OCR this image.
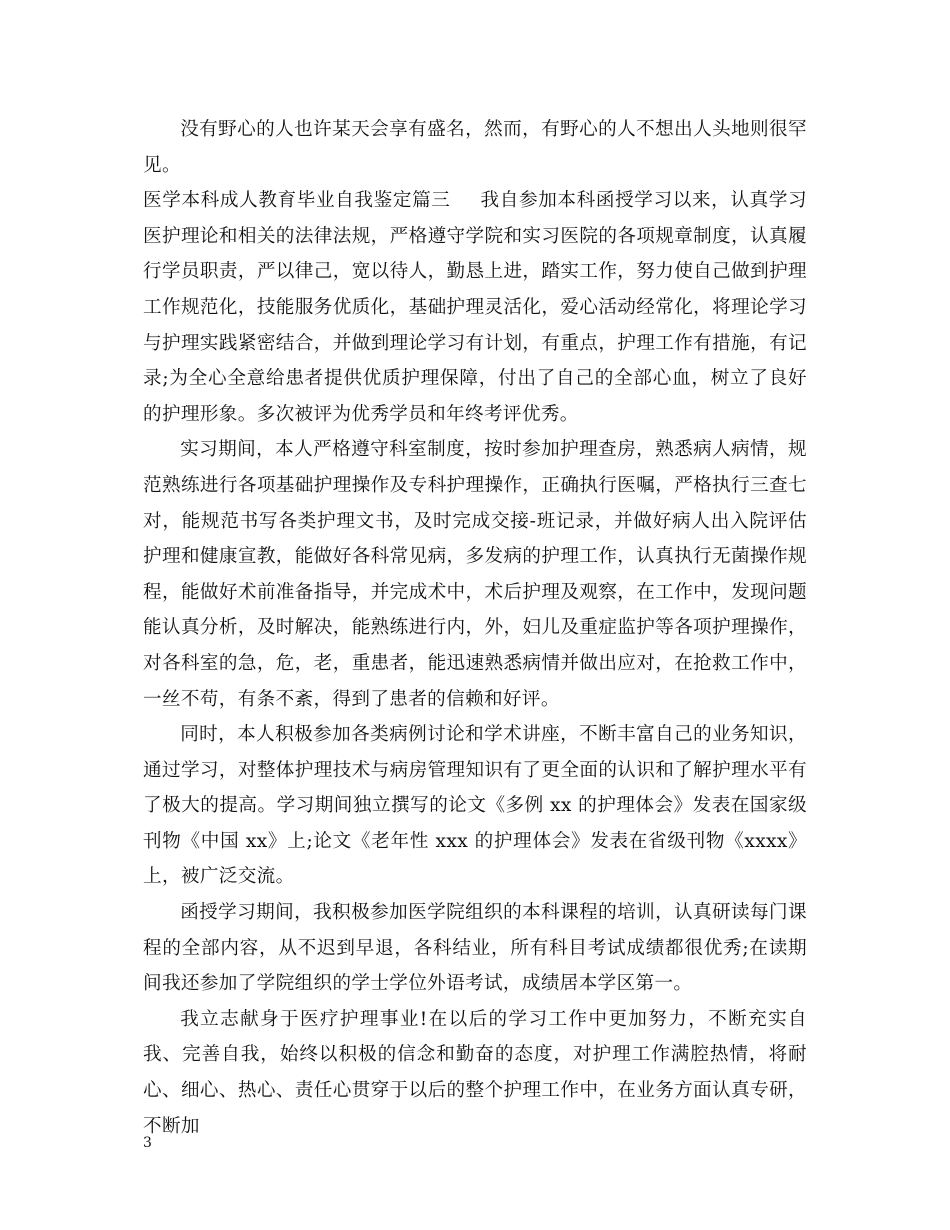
没有野心的人也许某天会享有盛名，然而，有野心的人不想出人头地则很罕见。

医学本科成人教育毕业自我鉴定篇三 我自参加本科函授学习以来，认真学习医护理论和相关的法律法规，严格遵守学院和实习医院的各项规章制度，认真履行学员职责，严以律己，宽以待人，勤恳上进，踏实工作，努力使自己做到护理工作规范化，技能服务优质化，基础护理灵活化，爱心活动经常化，将理论学习与护理实践紧密结合，并做到理论学习有计划，有重点，护理工作有措施，有记录;为全心全意给患者提供优质护理保障，付出了自己的全部心血，树立了良好的护理形象。多次被评为优秀学员和年终考评优秀。

实习期间，本人严格遵守科室制度，按时参加护理查房，熟悉病人病情，规范熟练进行各项基础护理操作及专科护理操作，正确执行医嘱，严格执行三查七对，能规范书写各类护理文书，及时完成交接-班记录，并做好病人出入院评估护理和健康宣教，能做好各科常见病，多发病的护理工作，认真执行无菌操作规程，能做好术前准备指导，并完成术中，术后护理及观察，在工作中，发现问题能认真分析，及时解决，能熟练进行内，外，妇儿及重症监护等各项护理操作，对各科室的急，危，老，重患者，能迅速熟悉病情并做出应对，在抢救工作中，一丝不苟，有条不紊，得到了患者的信赖和好评。

同时，本人积极参加各类病例讨论和学术讲座，不断丰富自己的业务知识，通过学习，对整体护理技术与病房管理知识有了更全面的认识和了解护理水平有了极大的提高。学习期间独立撰写的论文《多例 xx 的护理体会》发表在国家级刊物《中国 xx》上;论文《老年性 xxx 的护理体会》发表在省级刊物《xxxx》上，被广泛交流。

函授学习期间，我积极参加医学院组织的本科课程的培训，认真研读每门课程的全部内容，从不迟到早退，各科结业，所有科目考试成绩都很优秀;在读期间我还参加了学院组织的学士学位外语考试，成绩居本学区第一。

我立志献身于医疗护理事业!在以后的学习工作中更加努力，不断充实自我、完善自我，始终以积极的信念和勤奋的态度，对护理工作满腔热情，将耐心、细心、热心、责任心贯穿于以后的整个护理工作中，在业务方面认真专研，不断加

3
